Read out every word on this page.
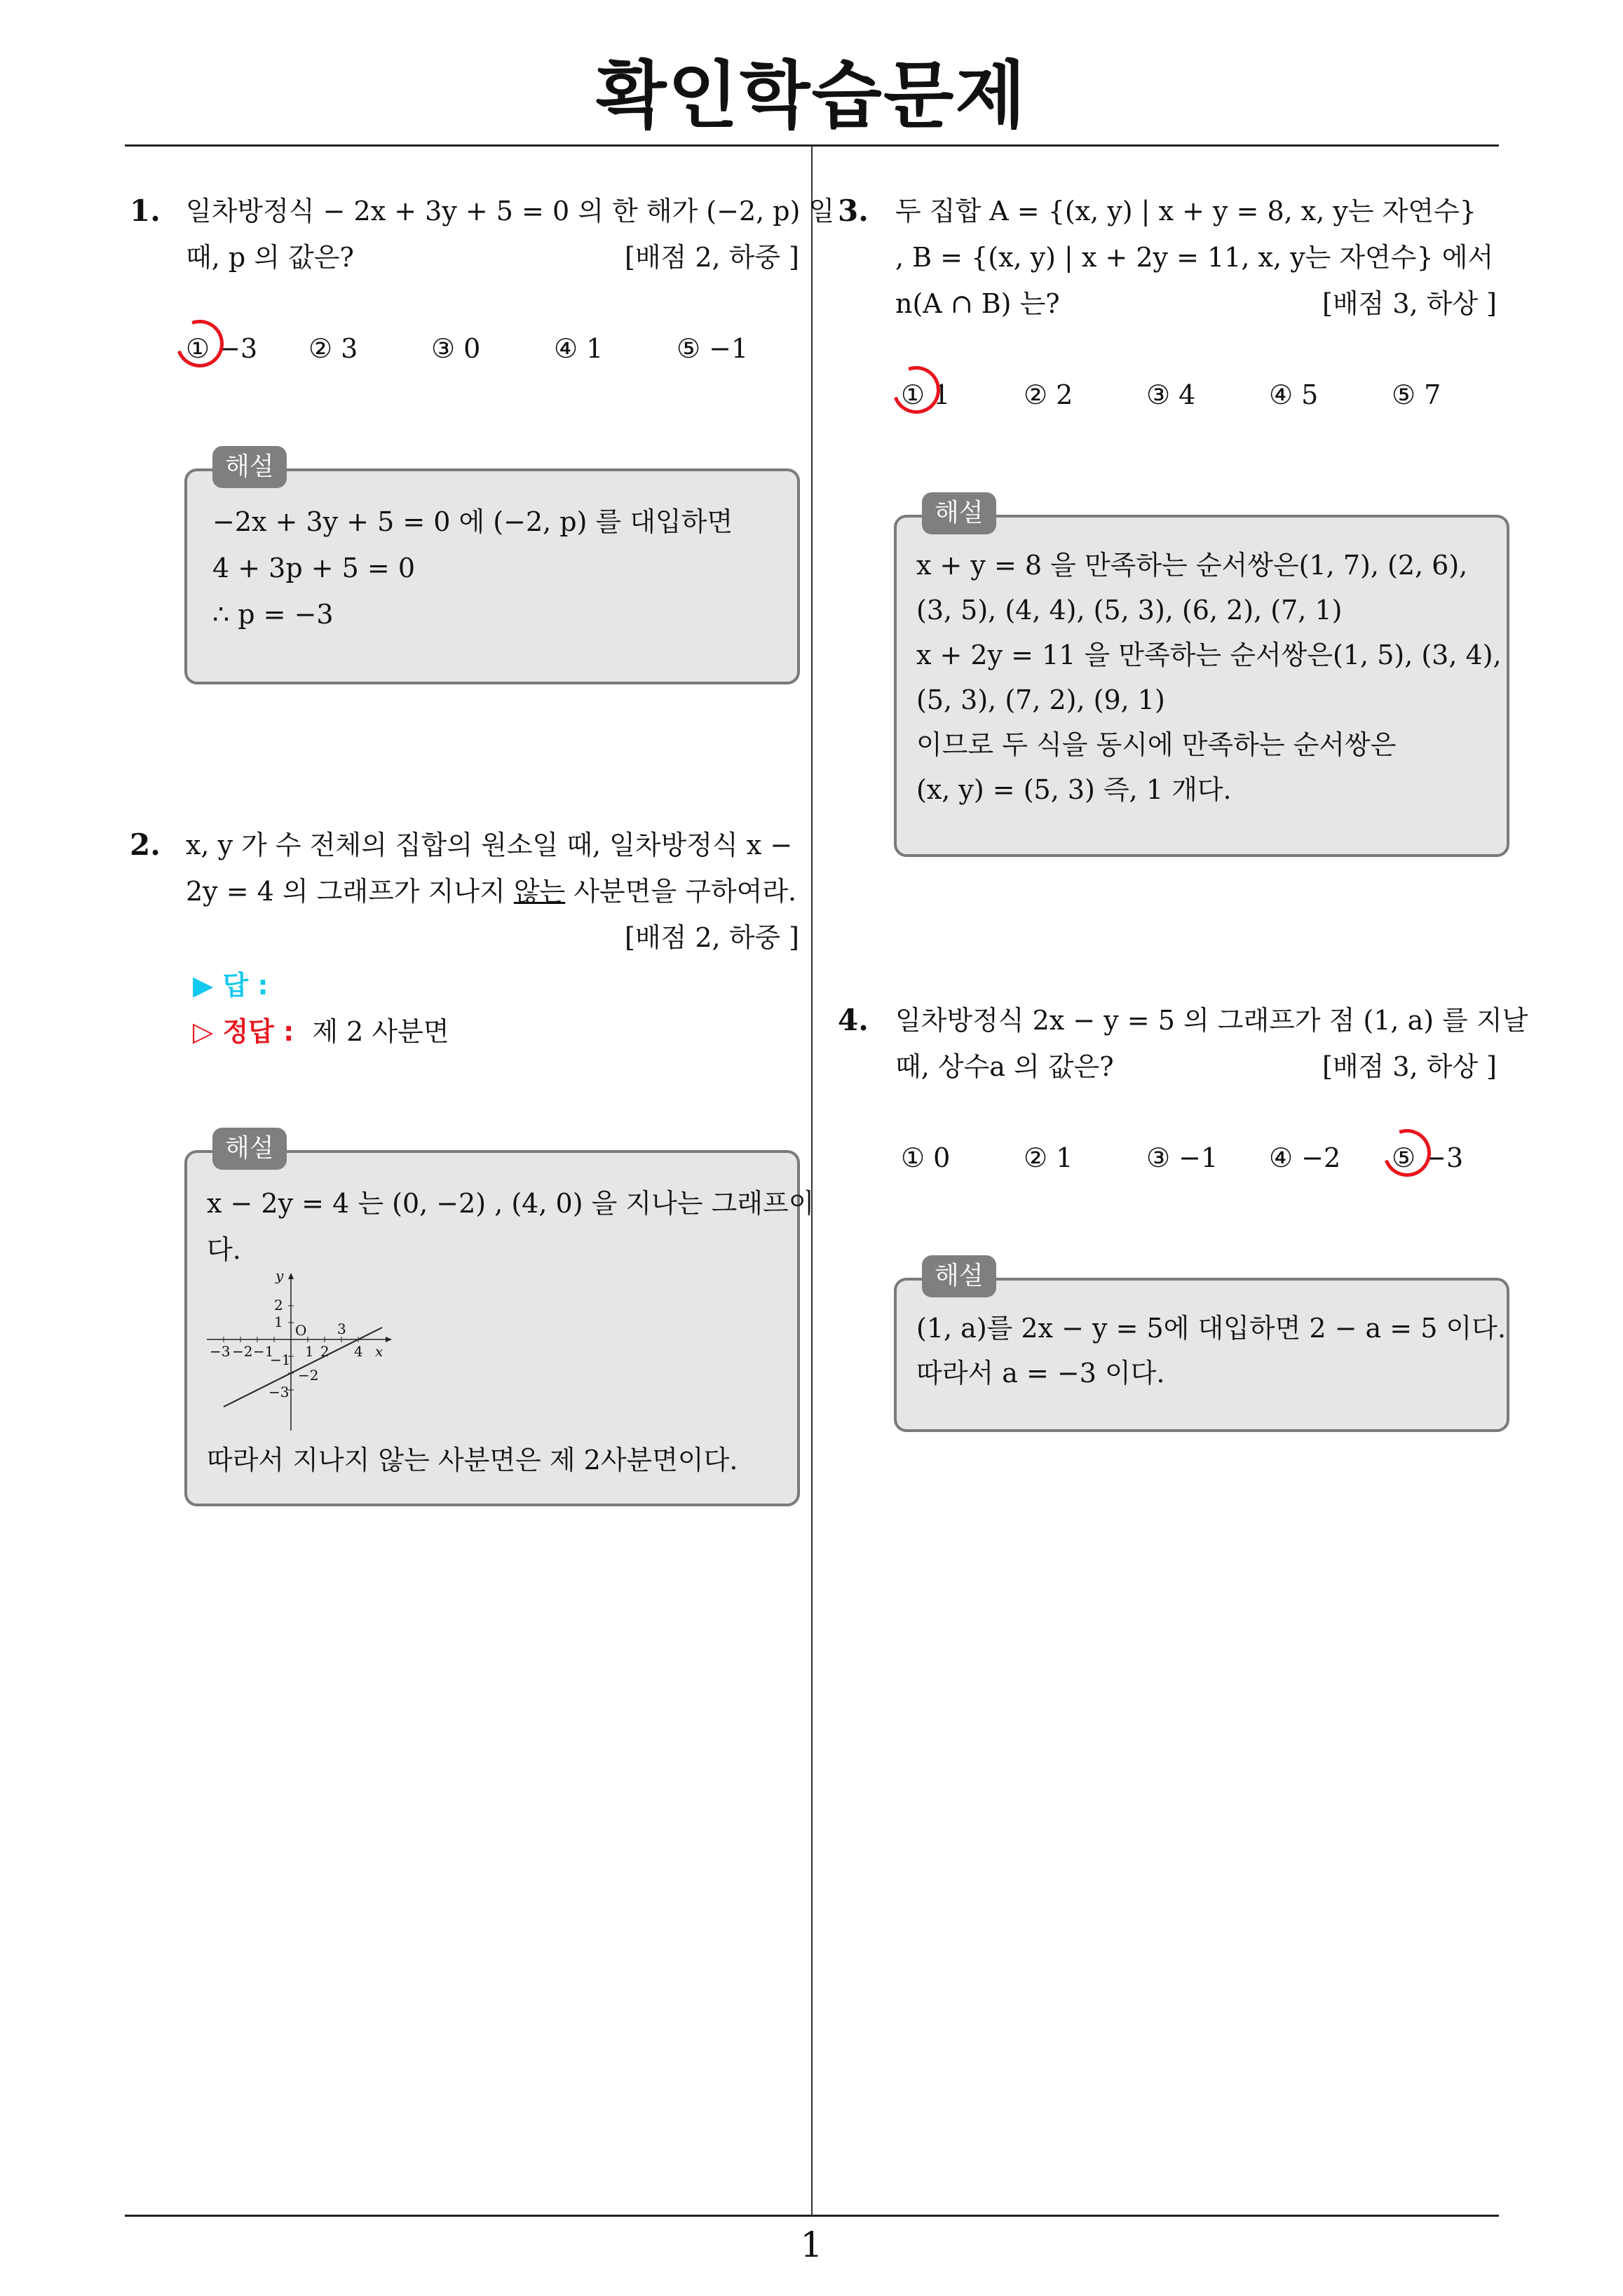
확인학습문제
1
1. 일차방정식 − 2x + 3y + 5 = 0 의 한 해가 (−2, p) 일
때, p 의 값은?	[배점 2, 하중 ]
① −3 ② 3	③ 0	④ 1	⑤ −1
해설
−2x + 3y + 5 = 0 에 (−2, p) 를 대입하면
4 + 3p + 5 = 0
∴ p = −3
2. x, y 가 수 전체의 집합의 원소일 때, 일차방정식 x −
2y = 4 의 그래프가 지나지 않는 사분면을 구하여라.
[배점 2, 하중 ]
▶ 답 :
▷ 정답 : 제 2 사분면
해설
x − 2y = 4 는 (0, −2) , (4, 0) 을 지나는 그래프이
다.
y
x
O
2
1
−3 −2 −1 1 2
3
4
−1
−2
−3
따라서 지나지 않는 사분면은 제 2사분면이다.
3. 두 집합 A = {(x, y) | x + y = 8, x, y는 자연수}
, B = {(x, y) | x + 2y = 11, x, y는 자연수} 에서
n(A ∩ B) 는?	[배점 3, 하상 ]
① 1	② 2	③ 4	④ 5	⑤ 7
해설
x + y = 8 을 만족하는 순서쌍은(1, 7), (2, 6),
(3, 5), (4, 4), (5, 3), (6, 2), (7, 1)
x + 2y = 11 을 만족하는 순서쌍은(1, 5), (3, 4),
(5, 3), (7, 2), (9, 1)
이므로 두 식을 동시에 만족하는 순서쌍은
(x, y) = (5, 3) 즉, 1 개다.
4. 일차방정식 2x − y = 5 의 그래프가 점 (1, a) 를 지날
때, 상수a 의 값은?	[배점 3, 하상 ]
① 0	② 1	③ −1 ④ −2 ⑤ −3
해설
(1, a)를 2x − y = 5에 대입하면 2 − a = 5 이다.
따라서 a = −3 이다.
